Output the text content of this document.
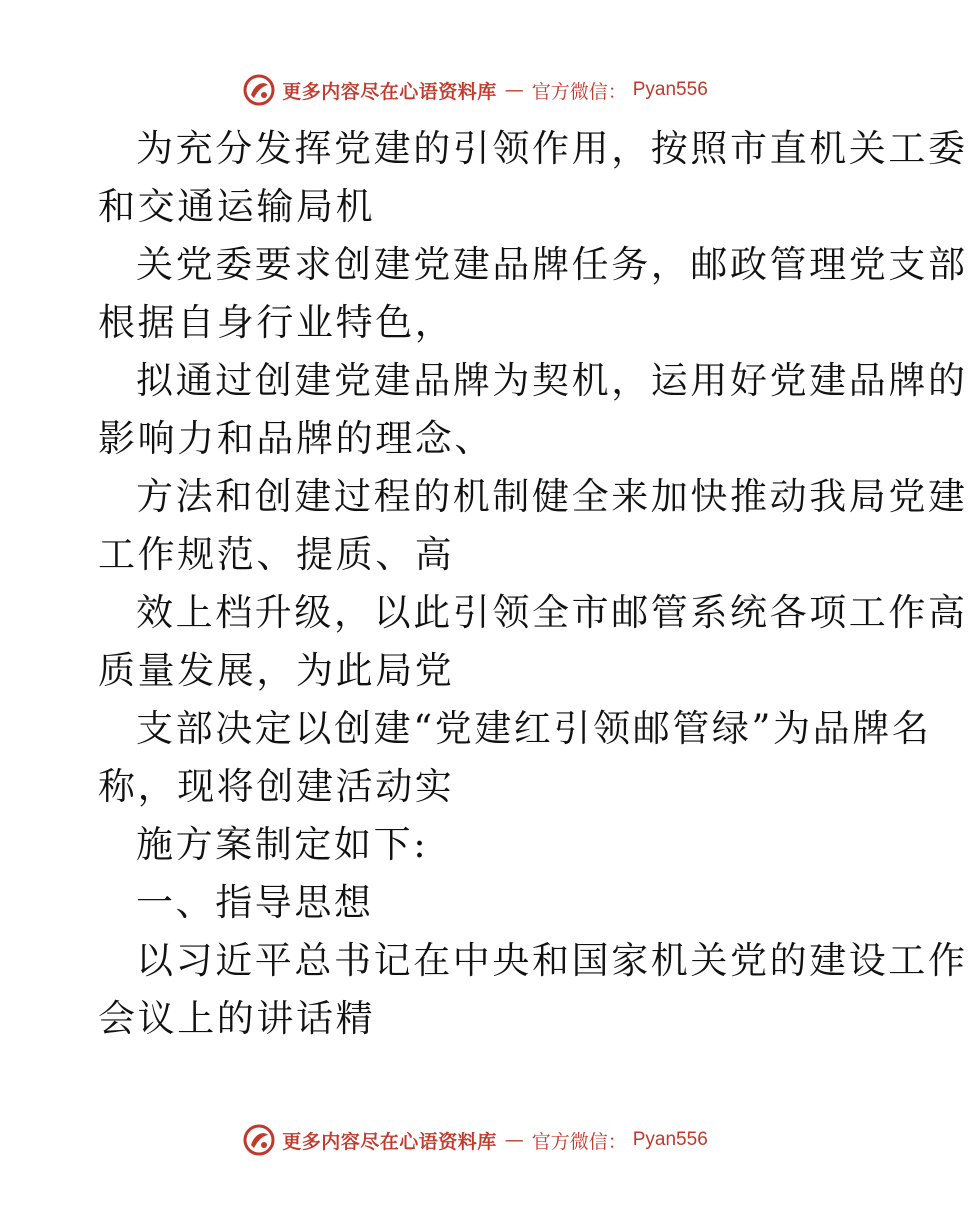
更多内容尽在心语资料库 — 官方微信： Pyan556
为充分发挥党建的引领作用，按照市直机关工委
和交通运输局机
关党委要求创建党建品牌任务，邮政管理党支部
根据自身行业特色，
拟通过创建党建品牌为契机，运用好党建品牌的
影响力和品牌的理念、
方法和创建过程的机制健全来加快推动我局党建
工作规范、提质、高
效上档升级，以此引领全市邮管系统各项工作高
质量发展，为此局党
支部决定以创建“党建红引领邮管绿”为品牌名
称，现将创建活动实
施方案制定如下:
一、指导思想
以习近平总书记在中央和国家机关党的建设工作
会议上的讲话精
更多内容尽在心语资料库 — 官方微信： Pyan556
